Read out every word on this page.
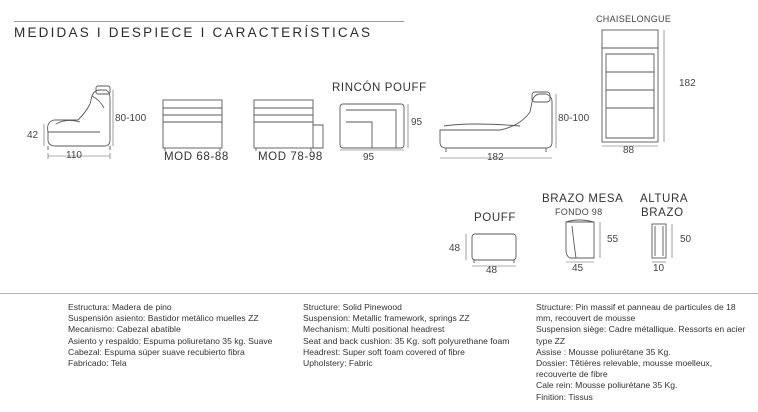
MEDIDAS I DESPIECE I CARACTERÍSTICAS
80-100
42
110	MOD 68-88	MOD 78-98
RINCÓN POUFF
95
95
80-100
182
CHAISELONGUE
182
88
POUFF
48
48
BRAZO MESA
FONDO 98
55
45
ALTURA
BRAZO
50
10
Estructura: Madera de pino
Suspensión asiento: Bastidor metálico muelles ZZ
Mecanismo: Cabezal abatible
Asiento y respaldo: Espuma poliuretano 35 kg. Suave
Cabezal: Espuma súper suave recubierto fibra
Fabricado: Tela
Structure: Solid Pinewood
Suspension: Metallic framework, springs ZZ
Mechanism: Multi positional headrest
Seat and back cushion: 35 Kg. soft polyurethane foam
Headrest: Super soft foam covered of fibre
Upholstery: Fabric
Structure: Pin massif et panneau de particules de 18 mm, recouvert de mousse
Suspension siège: Cadre métallique. Ressorts en acier type ZZ
Assise : Mousse poliurétane 35 Kg.
Dossier: Têtières relevable, mousse moelleux, recouverte de fibre
Cale rein: Mousse poliurétane 35 Kg.
Finition: Tissus
